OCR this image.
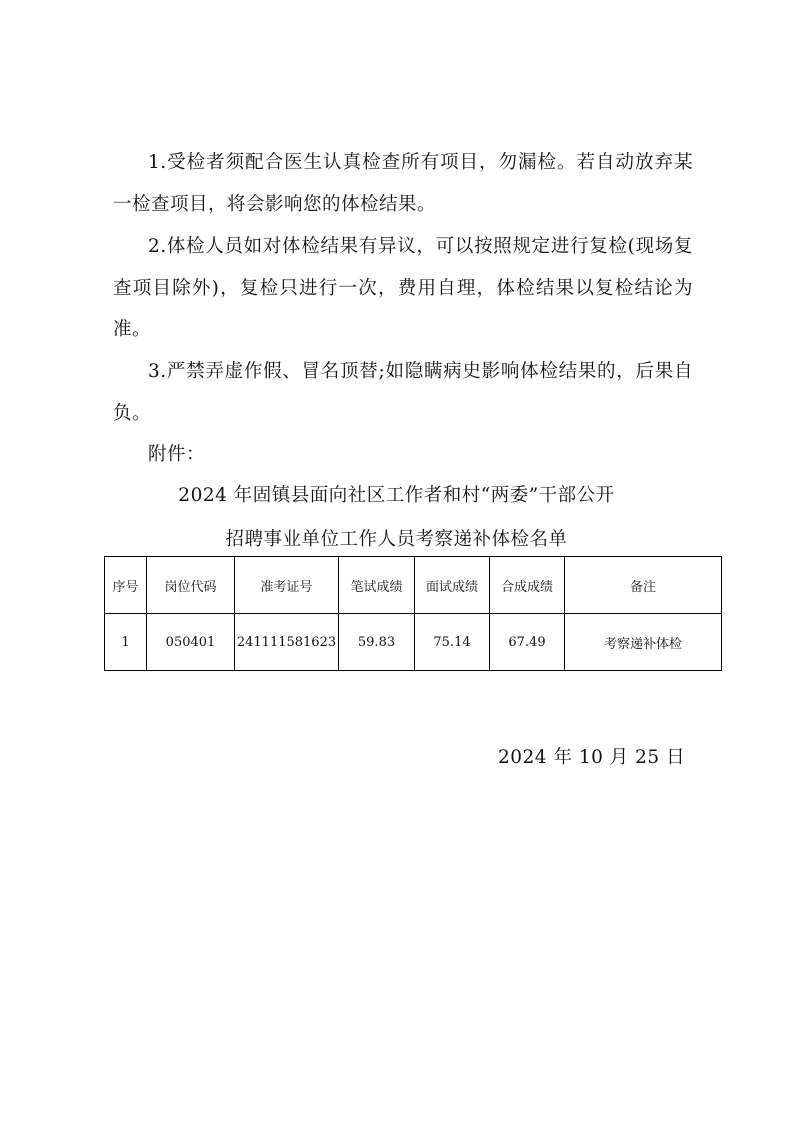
1.受检者须配合医生认真检查所有项目，勿漏检。若自动放弃某一检查项目，将会影响您的体检结果。

2.体检人员如对体检结果有异议，可以按照规定进行复检(现场复查项目除外)，复检只进行一次，费用自理，体检结果以复检结论为准。

3.严禁弄虚作假、冒名顶替;如隐瞒病史影响体检结果的，后果自负。

附件：

2024 年固镇县面向社区工作者和村“两委”干部公开

招聘事业单位工作人员考察递补体检名单

序号	岗位代码	准考证号	笔试成绩	面试成绩	合成成绩	备注
1	050401	241111581623	59.83	75.14	67.49	考察递补体检

2024 年 10 月 25 日
